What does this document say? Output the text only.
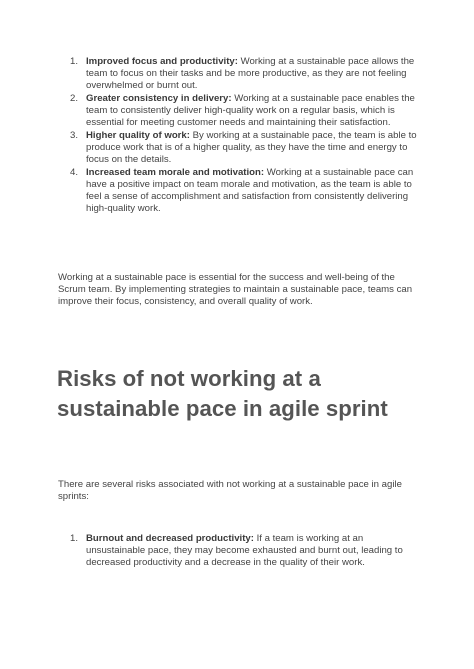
1. Improved focus and productivity: Working at a sustainable pace allows the team to focus on their tasks and be more productive, as they are not feeling overwhelmed or burnt out.
2. Greater consistency in delivery: Working at a sustainable pace enables the team to consistently deliver high-quality work on a regular basis, which is essential for meeting customer needs and maintaining their satisfaction.
3. Higher quality of work: By working at a sustainable pace, the team is able to produce work that is of a higher quality, as they have the time and energy to focus on the details.
4. Increased team morale and motivation: Working at a sustainable pace can have a positive impact on team morale and motivation, as the team is able to feel a sense of accomplishment and satisfaction from consistently delivering high-quality work.

Working at a sustainable pace is essential for the success and well-being of the Scrum team. By implementing strategies to maintain a sustainable pace, teams can improve their focus, consistency, and overall quality of work.

Risks of not working at a sustainable pace in agile sprint

There are several risks associated with not working at a sustainable pace in agile sprints:

1. Burnout and decreased productivity: If a team is working at an unsustainable pace, they may become exhausted and burnt out, leading to decreased productivity and a decrease in the quality of their work.
